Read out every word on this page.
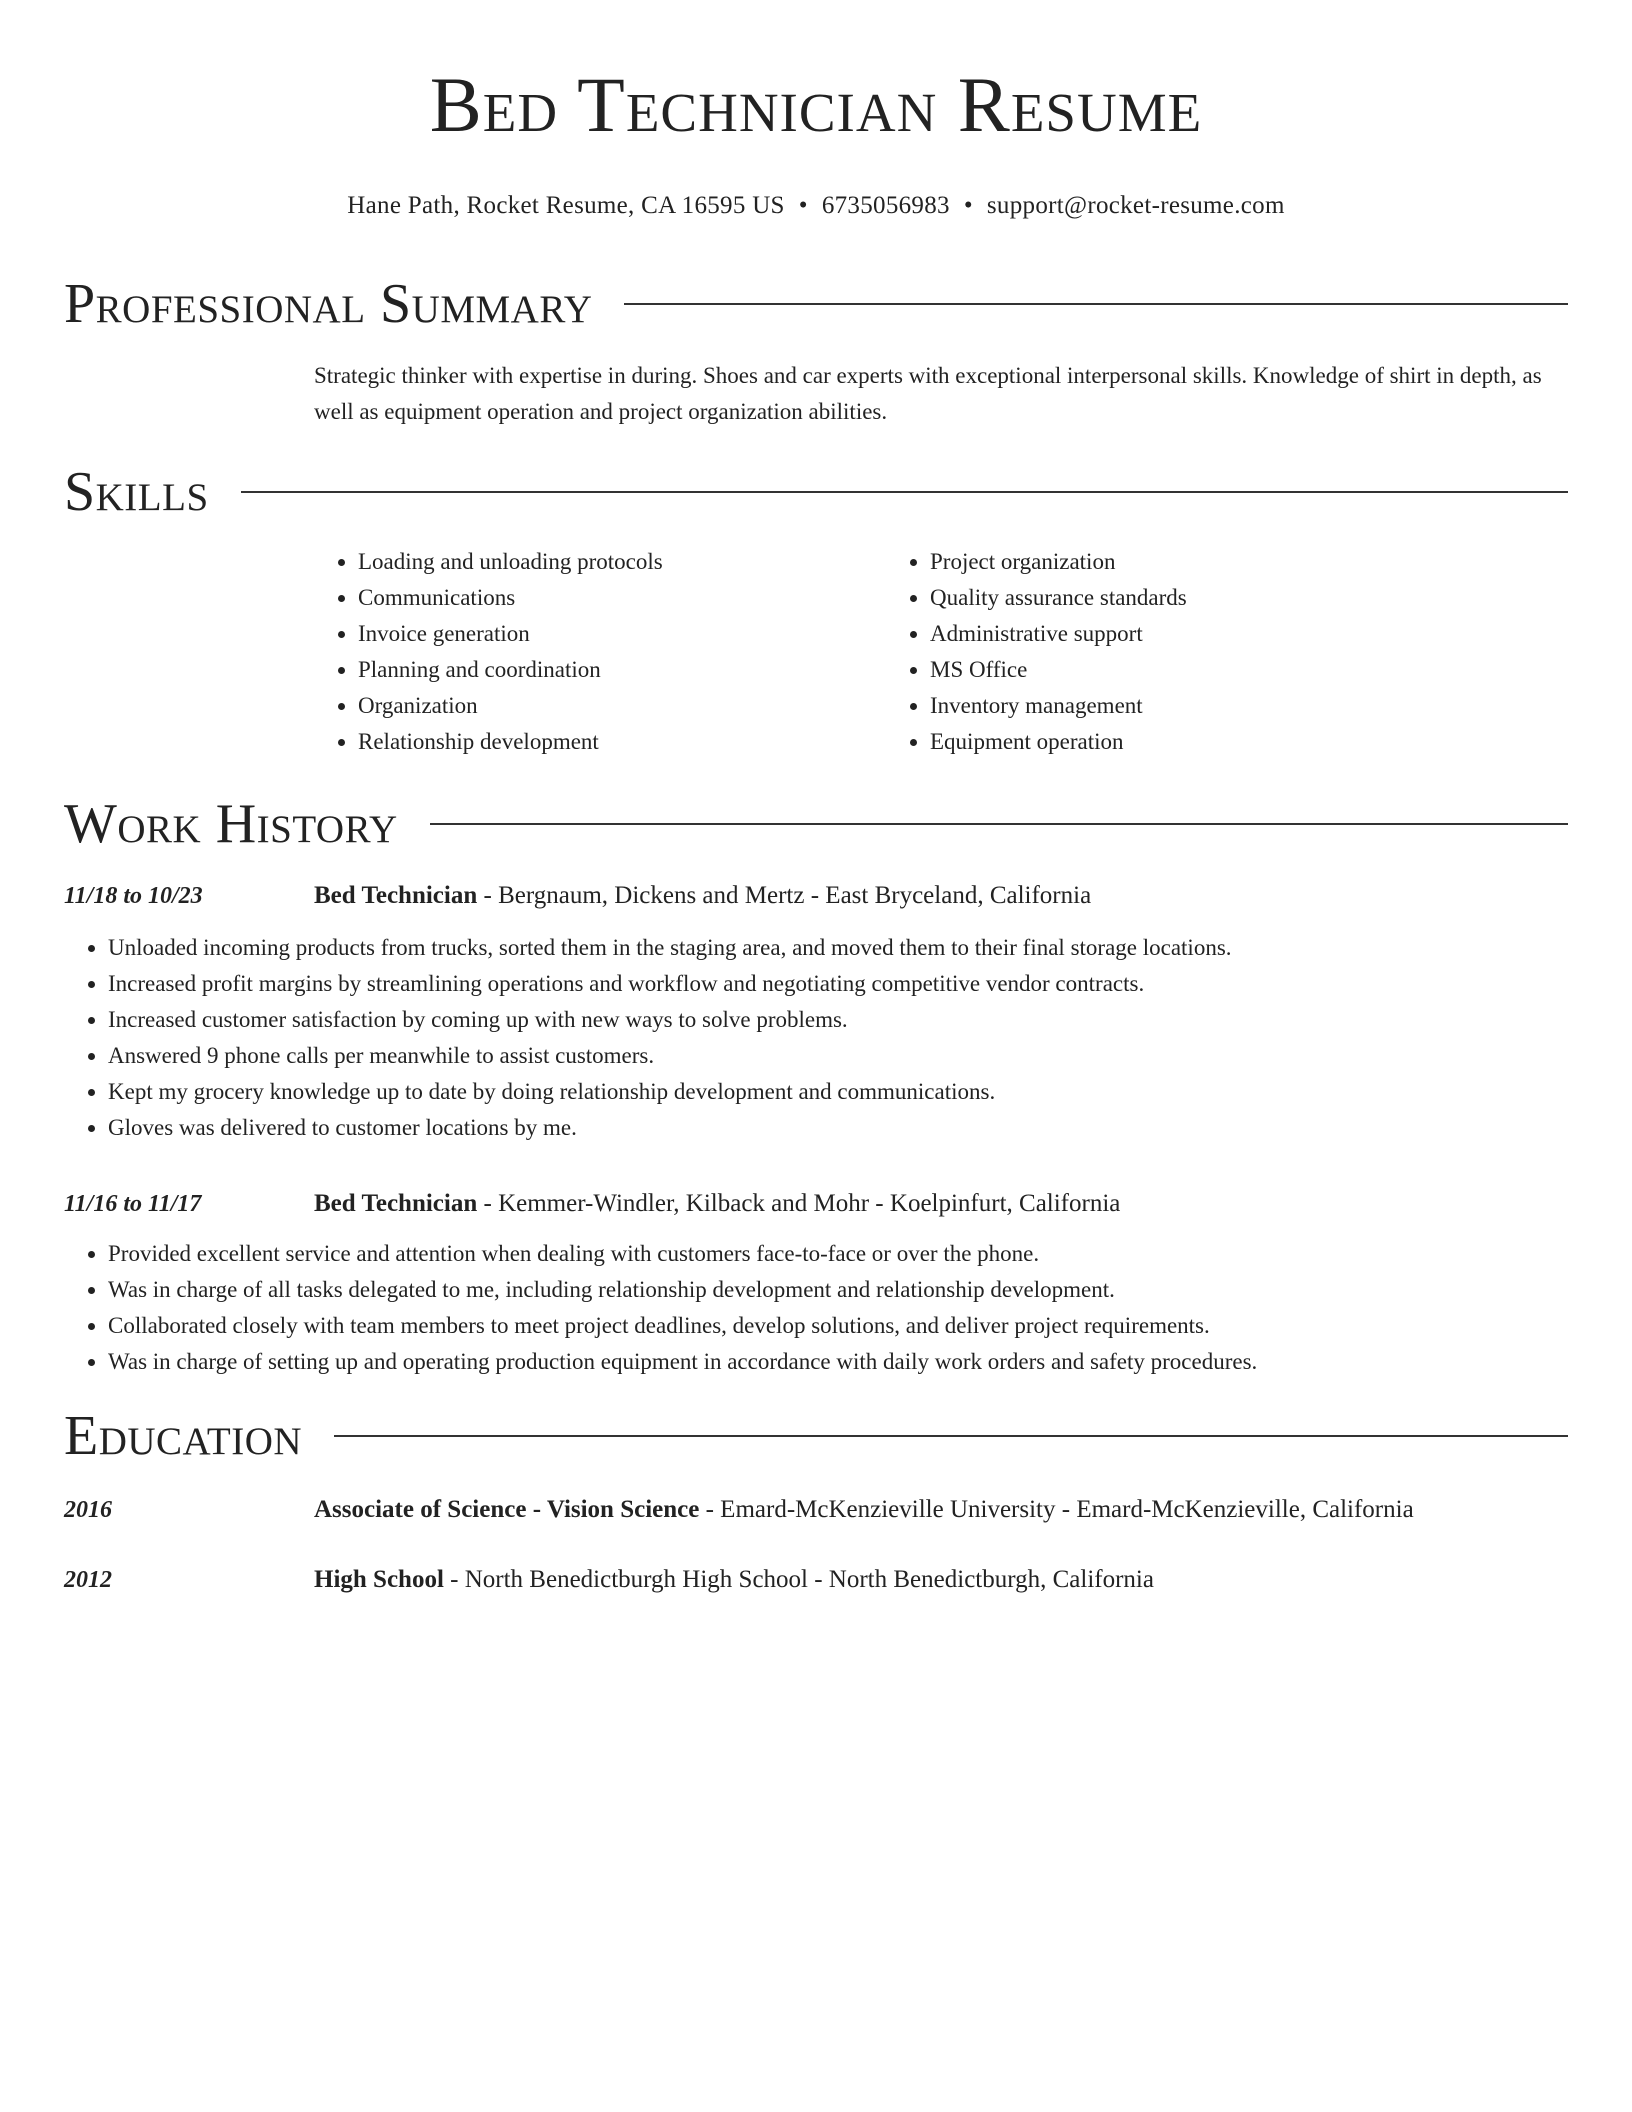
Bed Technician Resume
Hane Path, Rocket Resume, CA 16595 US • 6735056983 • support@rocket-resume.com
Professional Summary
Strategic thinker with expertise in during. Shoes and car experts with exceptional interpersonal skills. Knowledge of shirt in depth, as well as equipment operation and project organization abilities.
Skills
• Loading and unloading protocols
• Communications
• Invoice generation
• Planning and coordination
• Organization
• Relationship development
• Project organization
• Quality assurance standards
• Administrative support
• MS Office
• Inventory management
• Equipment operation
Work History
11/18 to 10/23	Bed Technician - Bergnaum, Dickens and Mertz - East Bryceland, California
• Unloaded incoming products from trucks, sorted them in the staging area, and moved them to their final storage locations.
• Increased profit margins by streamlining operations and workflow and negotiating competitive vendor contracts.
• Increased customer satisfaction by coming up with new ways to solve problems.
• Answered 9 phone calls per meanwhile to assist customers.
• Kept my grocery knowledge up to date by doing relationship development and communications.
• Gloves was delivered to customer locations by me.
11/16 to 11/17	Bed Technician - Kemmer-Windler, Kilback and Mohr - Koelpinfurt, California
• Provided excellent service and attention when dealing with customers face-to-face or over the phone.
• Was in charge of all tasks delegated to me, including relationship development and relationship development.
• Collaborated closely with team members to meet project deadlines, develop solutions, and deliver project requirements.
• Was in charge of setting up and operating production equipment in accordance with daily work orders and safety procedures.
Education
2016	Associate of Science - Vision Science - Emard-McKenzieville University - Emard-McKenzieville, California
2012	High School - North Benedictburgh High School - North Benedictburgh, California
